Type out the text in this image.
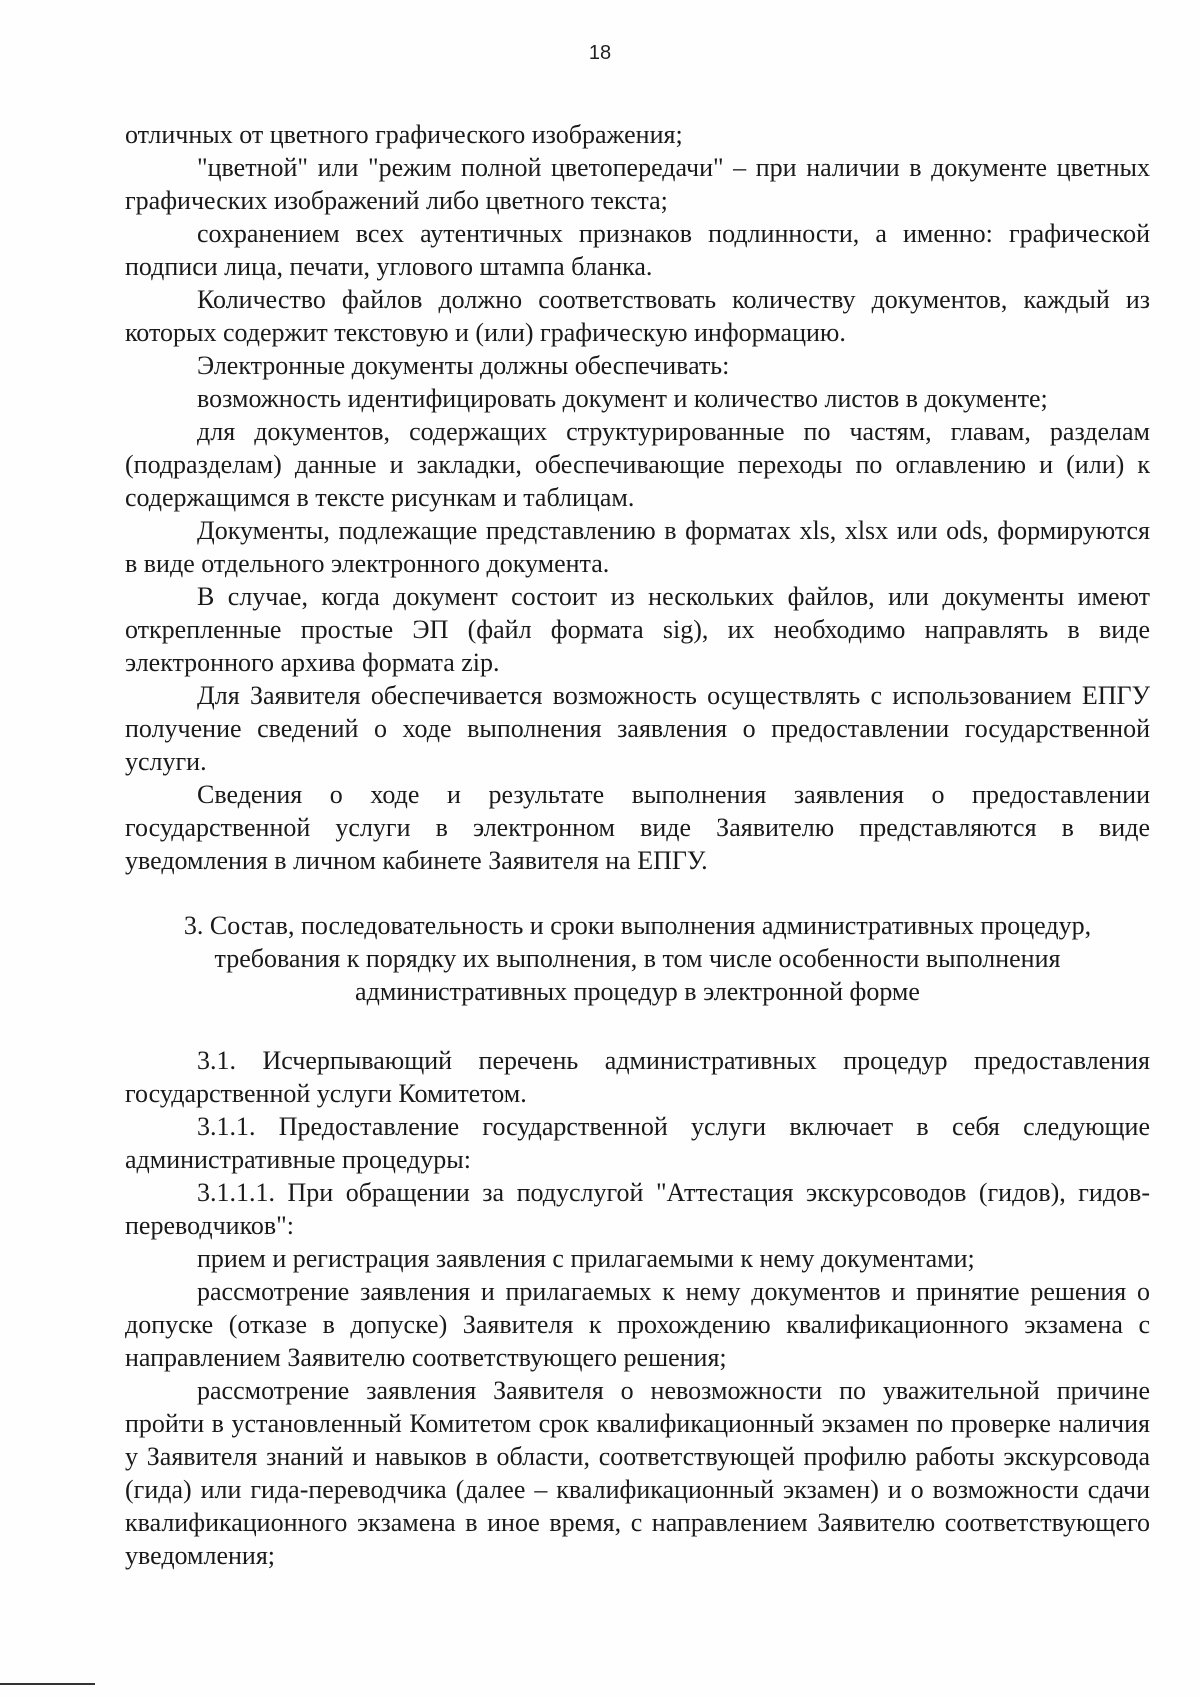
18

отличных от цветного графического изображения;

"цветной" или "режим полной цветопередачи" – при наличии в документе цветных графических изображений либо цветного текста;

сохранением всех аутентичных признаков подлинности, а именно: графической подписи лица, печати, углового штампа бланка.

Количество файлов должно соответствовать количеству документов, каждый из которых содержит текстовую и (или) графическую информацию.

Электронные документы должны обеспечивать:

возможность идентифицировать документ и количество листов в документе;

для документов, содержащих структурированные по частям, главам, разделам (подразделам) данные и закладки, обеспечивающие переходы по оглавлению и (или) к содержащимся в тексте рисункам и таблицам.

Документы, подлежащие представлению в форматах xls, xlsx или ods, формируются в виде отдельного электронного документа.

В случае, когда документ состоит из нескольких файлов, или документы имеют открепленные простые ЭП (файл формата sig), их необходимо направлять в виде электронного архива формата zip.

Для Заявителя обеспечивается возможность осуществлять с использованием ЕПГУ получение сведений о ходе выполнения заявления о предоставлении государственной услуги.

Сведения о ходе и результате выполнения заявления о предоставлении государственной услуги в электронном виде Заявителю представляются в виде уведомления в личном кабинете Заявителя на ЕПГУ.

3. Состав, последовательность и сроки выполнения административных процедур,
требования к порядку их выполнения, в том числе особенности выполнения
административных процедур в электронной форме

3.1. Исчерпывающий перечень административных процедур предоставления государственной услуги Комитетом.

3.1.1. Предоставление государственной услуги включает в себя следующие административные процедуры:

3.1.1.1. При обращении за подуслугой "Аттестация экскурсоводов (гидов), гидов-переводчиков":

прием и регистрация заявления с прилагаемыми к нему документами;

рассмотрение заявления и прилагаемых к нему документов и принятие решения о допуске (отказе в допуске) Заявителя к прохождению квалификационного экзамена с направлением Заявителю соответствующего решения;

рассмотрение заявления Заявителя о невозможности по уважительной причине пройти в установленный Комитетом срок квалификационный экзамен по проверке наличия у Заявителя знаний и навыков в области, соответствующей профилю работы экскурсовода (гида) или гида-переводчика (далее – квалификационный экзамен) и о возможности сдачи квалификационного экзамена в иное время, с направлением Заявителю соответствующего уведомления;
